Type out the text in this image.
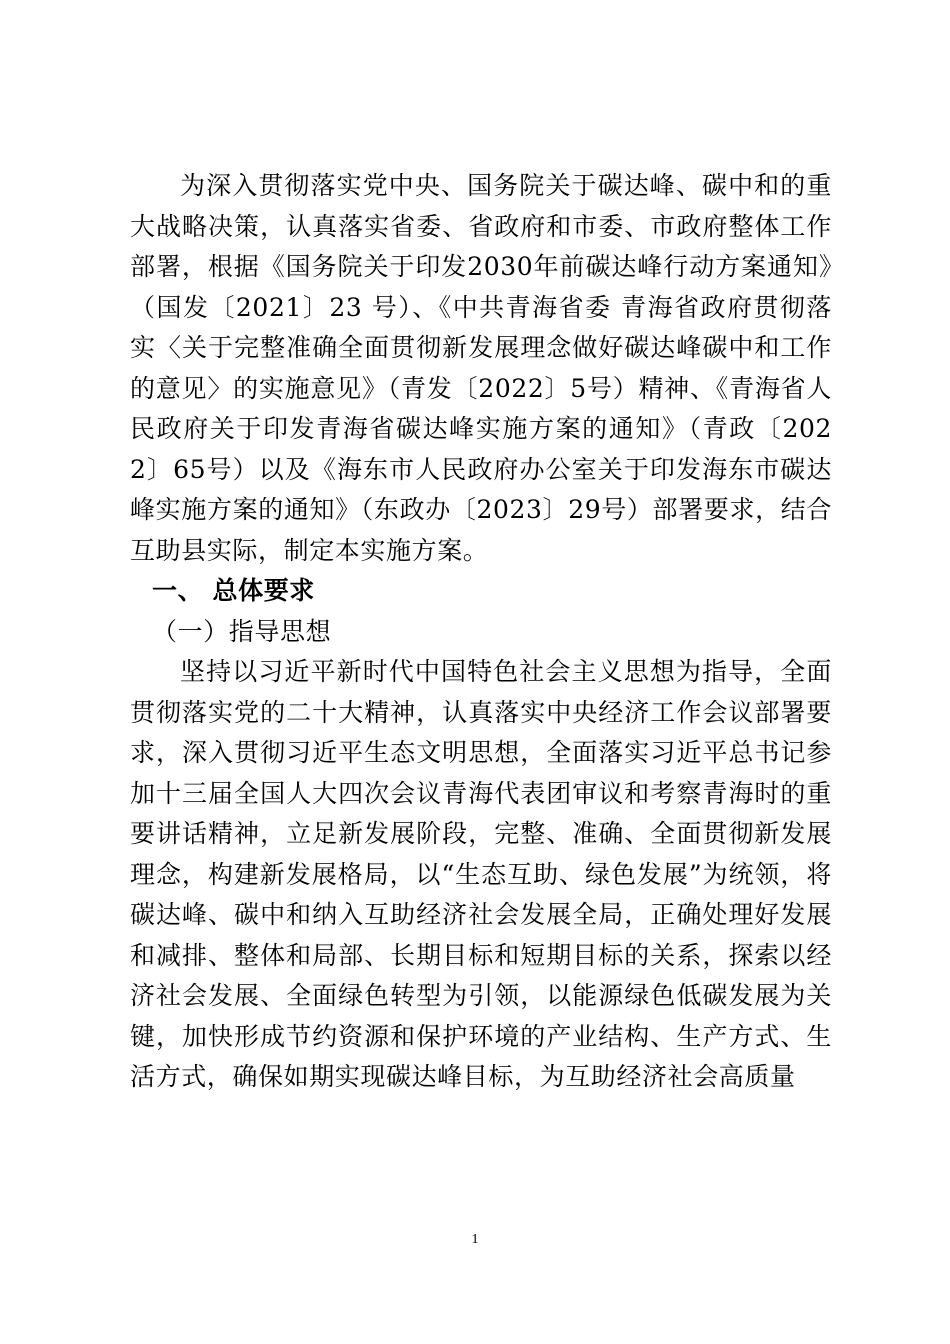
为深入贯彻落实党中央、国务院关于碳达峰、碳中和的重大战略决策，认真落实省委、省政府和市委、市政府整体工作部署，根据《国务院关于印发2030年前碳达峰行动方案通知》（国发〔2021〕23 号）、《中共青海省委 青海省政府贯彻落实〈关于完整准确全面贯彻新发展理念做好碳达峰碳中和工作的意见〉的实施意见》（青发〔2022〕5号）精神、《青海省人民政府关于印发青海省碳达峰实施方案的通知》（青政〔2022〕65号）以及《海东市人民政府办公室关于印发海东市碳达峰实施方案的通知》（东政办〔2023〕29号）部署要求，结合互助县实际，制定本实施方案。

一、 总体要求

（一）指导思想

坚持以习近平新时代中国特色社会主义思想为指导，全面贯彻落实党的二十大精神，认真落实中央经济工作会议部署要求，深入贯彻习近平生态文明思想，全面落实习近平总书记参加十三届全国人大四次会议青海代表团审议和考察青海时的重要讲话精神，立足新发展阶段，完整、准确、全面贯彻新发展理念，构建新发展格局，以“生态互助、绿色发展”为统领，将碳达峰、碳中和纳入互助经济社会发展全局，正确处理好发展和减排、整体和局部、长期目标和短期目标的关系，探索以经济社会发展、全面绿色转型为引领，以能源绿色低碳发展为关键，加快形成节约资源和保护环境的产业结构、生产方式、生活方式，确保如期实现碳达峰目标，为互助经济社会高质量

1
